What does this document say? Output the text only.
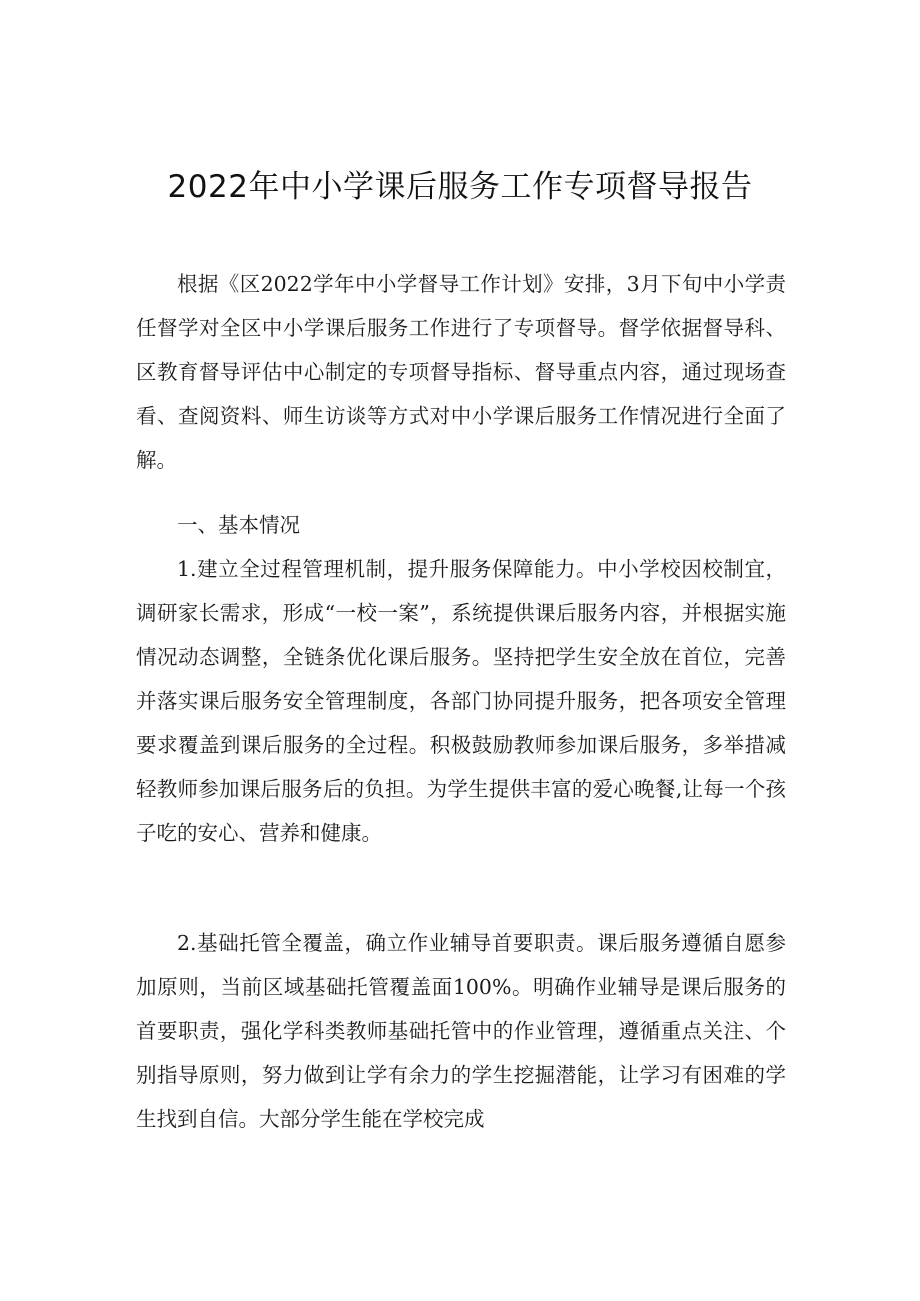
2022年中小学课后服务工作专项督导报告

根据《区2022学年中小学督导工作计划》安排，3月下旬中小学责任督学对全区中小学课后服务工作进行了专项督导。督学依据督导科、区教育督导评估中心制定的专项督导指标、督导重点内容，通过现场查看、查阅资料、师生访谈等方式对中小学课后服务工作情况进行全面了解。

一、基本情况

1.建立全过程管理机制，提升服务保障能力。中小学校因校制宜，调研家长需求，形成“一校一案”，系统提供课后服务内容，并根据实施情况动态调整，全链条优化课后服务。坚持把学生安全放在首位，完善并落实课后服务安全管理制度，各部门协同提升服务，把各项安全管理要求覆盖到课后服务的全过程。积极鼓励教师参加课后服务，多举措减轻教师参加课后服务后的负担。为学生提供丰富的爱心晚餐,让每一个孩子吃的安心、营养和健康。

2.基础托管全覆盖，确立作业辅导首要职责。课后服务遵循自愿参加原则，当前区域基础托管覆盖面100%。明确作业辅导是课后服务的首要职责，强化学科类教师基础托管中的作业管理，遵循重点关注、个别指导原则，努力做到让学有余力的学生挖掘潜能，让学习有困难的学生找到自信。大部分学生能在学校完成
